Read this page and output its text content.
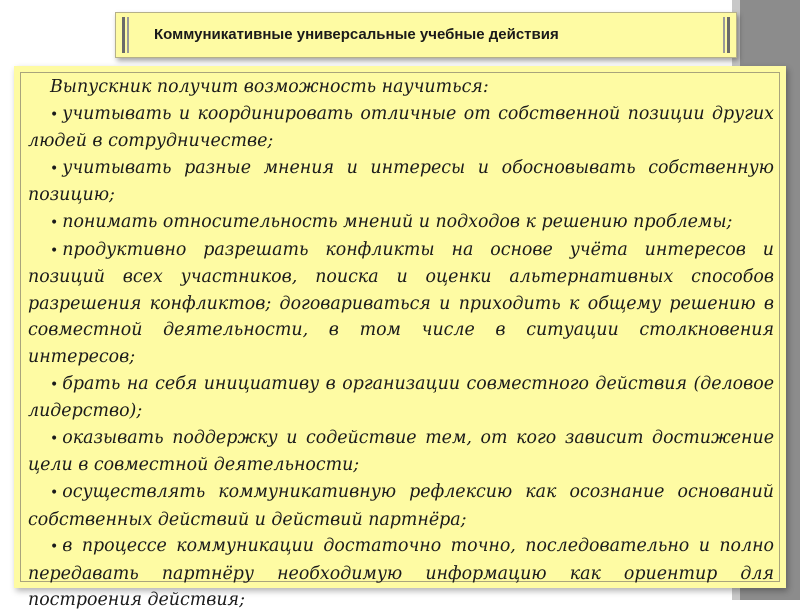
Коммуникативные универсальные учебные действия
Выпускник получит возможность научиться:
• учитывать и координировать отличные от собственной позиции других людей в сотрудничестве;
• учитывать разные мнения и интересы и обосновывать собственную позицию;
• понимать относительность мнений и подходов к решению проблемы;
• продуктивно разрешать конфликты на основе учёта интересов и позиций всех участников, поиска и оценки альтернативных способов разрешения конфликтов; договариваться и приходить к общему решению в совместной деятельности, в том числе в ситуации столкновения интересов;
• брать на себя инициативу в организации совместного действия (деловое лидерство);
• оказывать поддержку и содействие тем, от кого зависит достижение цели в совместной деятельности;
• осуществлять коммуникативную рефлексию как осознание оснований собственных действий и действий партнёра;
• в процессе коммуникации достаточно точно, последовательно и полно передавать партнёру необходимую информацию как ориентир для построения действия;
